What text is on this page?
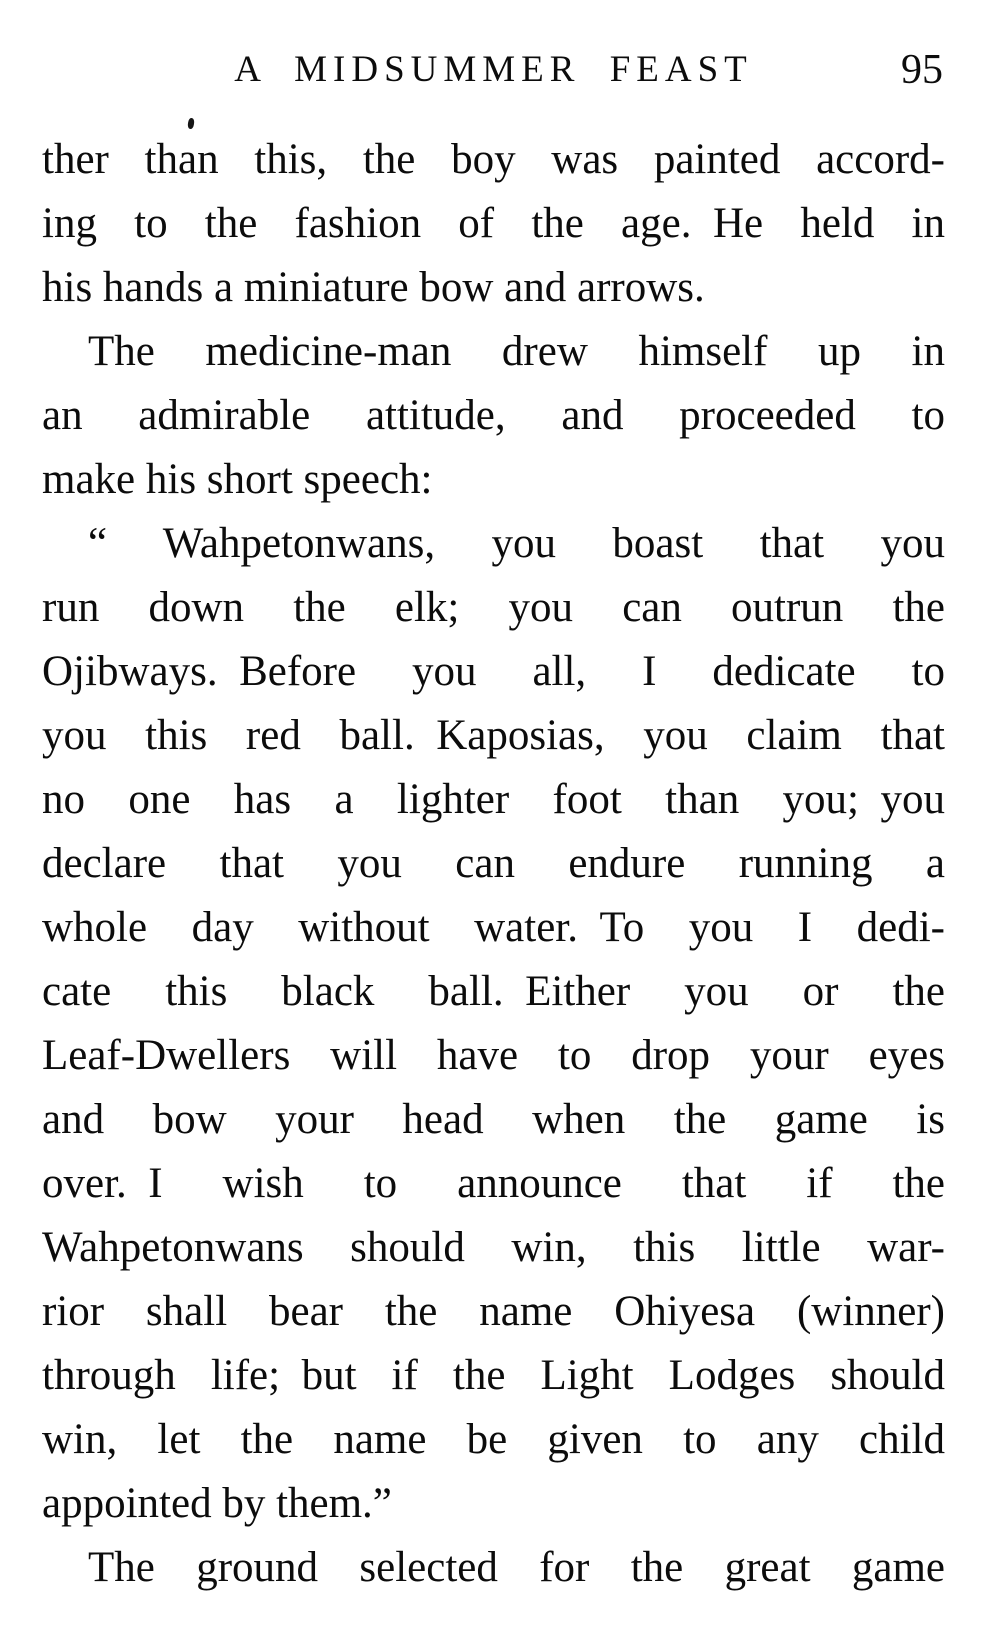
A MIDSUMMER FEAST	95
ther than this, the boy was painted accord-
ing to the fashion of the age. He held in
his hands a miniature bow and arrows.
The medicine-man drew himself up in
an admirable attitude, and proceeded to
make his short speech:
“ Wahpetonwans, you boast that you
run down the elk; you can outrun the
Ojibways. Before you all, I dedicate to
you this red ball. Kaposias, you claim that
no one has a lighter foot than you; you
declare that you can endure running a
whole day without water. To you I dedi-
cate this black ball. Either you or the
Leaf-Dwellers will have to drop your eyes
and bow your head when the game is
over. I wish to announce that if the
Wahpetonwans should win, this little war-
rior shall bear the name Ohiyesa (winner)
through life; but if the Light Lodges should
win, let the name be given to any child
appointed by them.”
The ground selected for the great game
